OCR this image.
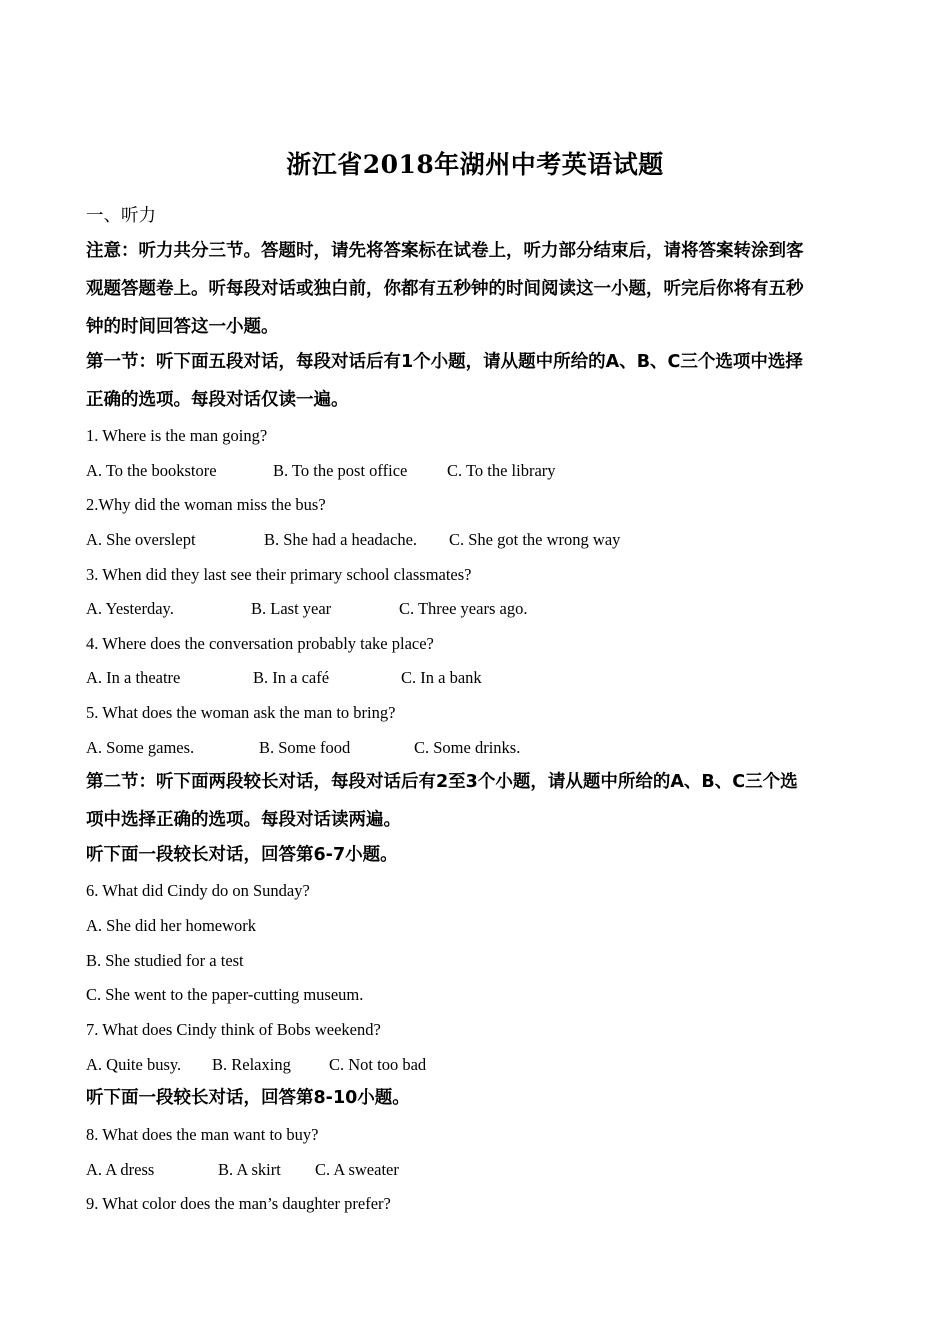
浙江省2018年湖州中考英语试题
一、听力
注意：听力共分三节。答题时，请先将答案标在试卷上，听力部分结束后，请将答案转涂到客
观题答题卷上。听每段对话或独白前，你都有五秒钟的时间阅读这一小题，听完后你将有五秒
钟的时间回答这一小题。
第一节：听下面五段对话，每段对话后有1个小题，请从题中所给的A、B、C三个选项中选择
正确的选项。每段对话仅读一遍。
1. Where is the man going?
A. To the bookstore	B. To the post office C. To the library
2.Why did the woman miss the bus?
A. She overslept	B. She had a headache. C. She got the wrong way
3. When did they last see their primary school classmates?
A. Yesterday.	B. Last year	C. Three years ago.
4. Where does the conversation probably take place?
A. In a theatre	B. In a café	C. In a bank
5. What does the woman ask the man to bring?
A. Some games.	B. Some food	C. Some drinks.
第二节：听下面两段较长对话，每段对话后有2至3个小题，请从题中所给的A、B、C三个选
项中选择正确的选项。每段对话读两遍。
听下面一段较长对话，回答第6-7小题。
6. What did Cindy do on Sunday?
A. She did her homework
B. She studied for a test
C. She went to the paper-cutting museum.
7. What does Cindy think of Bobs weekend?
A. Quite busy. B. Relaxing C. Not too bad
听下面一段较长对话，回答第8-10小题。
8. What does the man want to buy?
A. A dress	B. A skirt C. A sweater
9. What color does the man’s daughter prefer?
